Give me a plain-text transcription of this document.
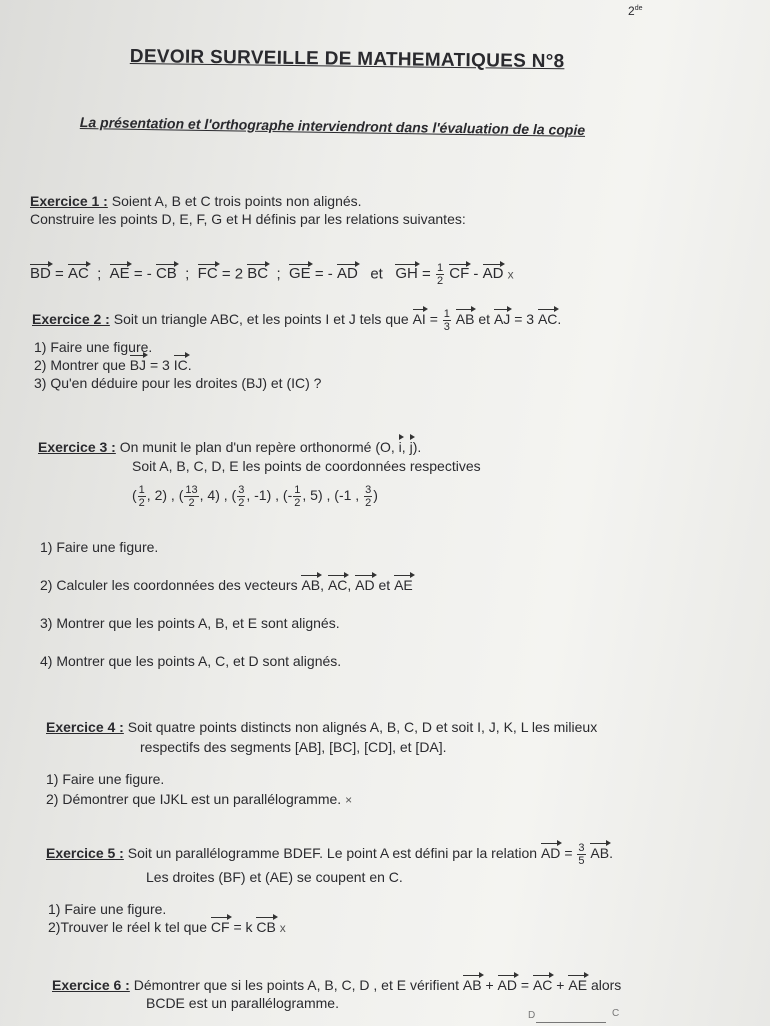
2de
DEVOIR SURVEILLE DE MATHEMATIQUES N°8
La présentation et l'orthographe interviendront dans l'évaluation de la copie
Exercice 1 : Soient A, B et C trois points non alignés.
Construire les points D, E, F, G et H définis par les relations suivantes:
BD = AC ; AE = - CB ; FC = 2 BC ; GE = - AD et GH = $\frac{1}{2}$ CF - AD x
Exercice 2 : Soit un triangle ABC, et les points I et J tels que AI = $\frac{1}{3}$ AB et AJ = 3 AC.
1) Faire une figure.
2) Montrer que BJ = 3 IC.
3) Qu'en déduire pour les droites (BJ) et (IC) ?
Exercice 3 : On munit le plan d'un repère orthonormé (O, i, j).
Soit A, B, C, D, E les points de coordonnées respectives
( $\frac{1}{2}$ , 2) , ( $\frac{13}{2}$ , 4) , ( $\frac{3}{2}$ , -1) , (- $\frac{1}{2}$ , 5) , (-1 , $\frac{3}{2}$ )
1) Faire une figure.
2) Calculer les coordonnées des vecteurs AB, AC, AD et AE
3) Montrer que les points A, B, et E sont alignés.
4) Montrer que les points A, C, et D sont alignés.
Exercice 4 : Soit quatre points distincts non alignés A, B, C, D et soit I, J, K, L les milieux
respectifs des segments [AB], [BC], [CD], et [DA].
1) Faire une figure.
2) Démontrer que IJKL est un parallélogramme. ×
Exercice 5 : Soit un parallélogramme BDEF. Le point A est défini par la relation AD = $\frac{3}{5}$ AB.
Les droites (BF) et (AE) se coupent en C.
1) Faire une figure.
2)Trouver le réel k tel que CF = k CB x
Exercice 6 : Démontrer que si les points A, B, C, D , et E vérifient AB + AD = AC + AE alors
BCDE est un parallélogramme.
D	C
